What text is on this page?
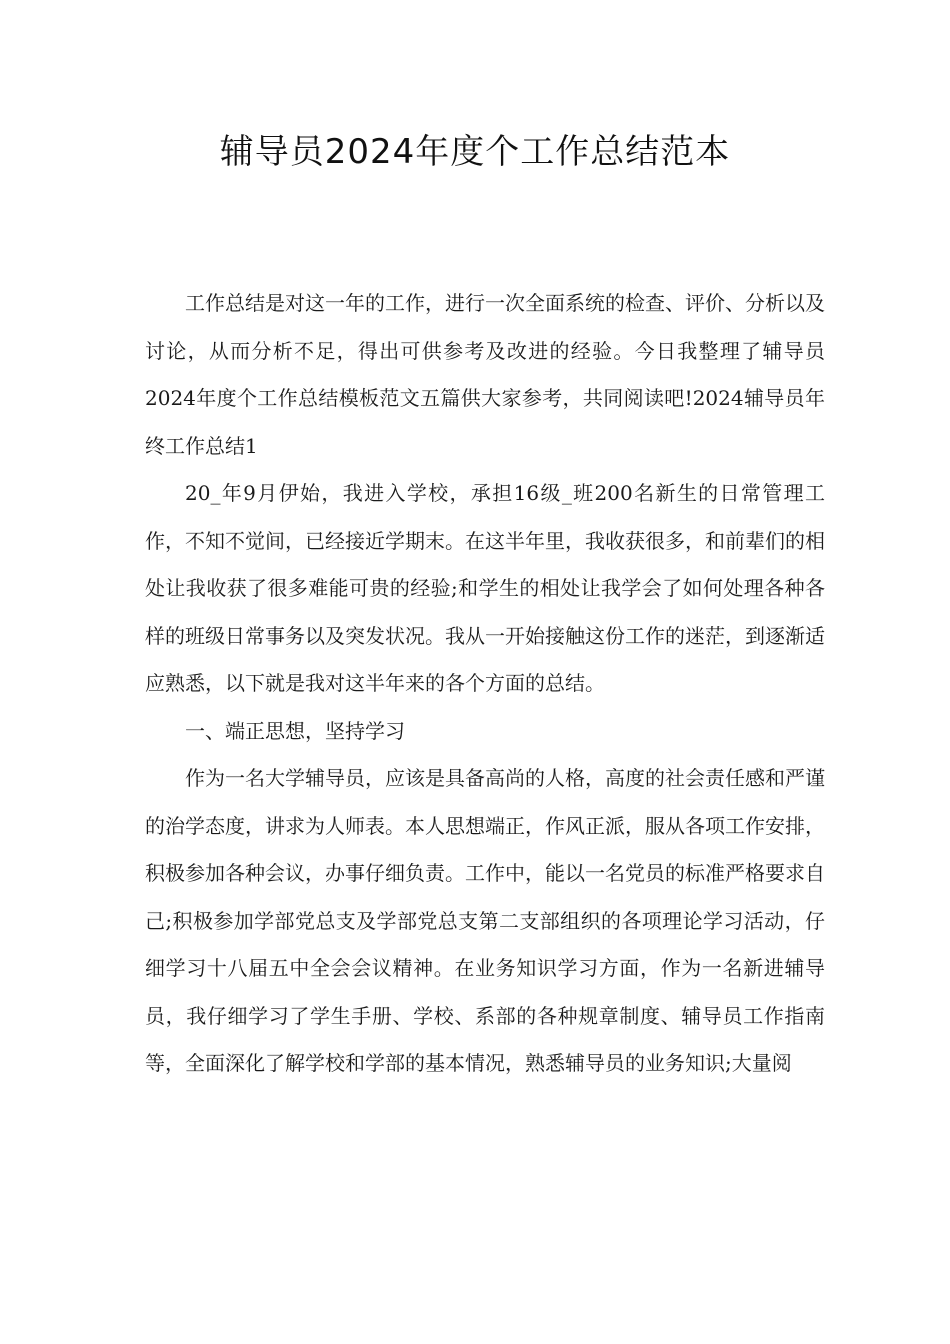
辅导员2024年度个工作总结范本

工作总结是对这一年的工作，进行一次全面系统的检查、评价、分析以及讨论，从而分析不足，得出可供参考及改进的经验。今日我整理了辅导员2024年度个工作总结模板范文五篇供大家参考，共同阅读吧!2024辅导员年终工作总结1

20_年9月伊始，我进入学校，承担16级_班200名新生的日常管理工作，不知不觉间，已经接近学期末。在这半年里，我收获很多，和前辈们的相处让我收获了很多难能可贵的经验;和学生的相处让我学会了如何处理各种各样的班级日常事务以及突发状况。我从一开始接触这份工作的迷茫，到逐渐适应熟悉，以下就是我对这半年来的各个方面的总结。

一、端正思想，坚持学习

作为一名大学辅导员，应该是具备高尚的人格，高度的社会责任感和严谨的治学态度，讲求为人师表。本人思想端正，作风正派，服从各项工作安排，积极参加各种会议，办事仔细负责。工作中，能以一名党员的标准严格要求自己;积极参加学部党总支及学部党总支第二支部组织的各项理论学习活动，仔细学习十八届五中全会会议精神。在业务知识学习方面，作为一名新进辅导员，我仔细学习了学生手册、学校、系部的各种规章制度、辅导员工作指南等，全面深化了解学校和学部的基本情况，熟悉辅导员的业务知识;大量阅
